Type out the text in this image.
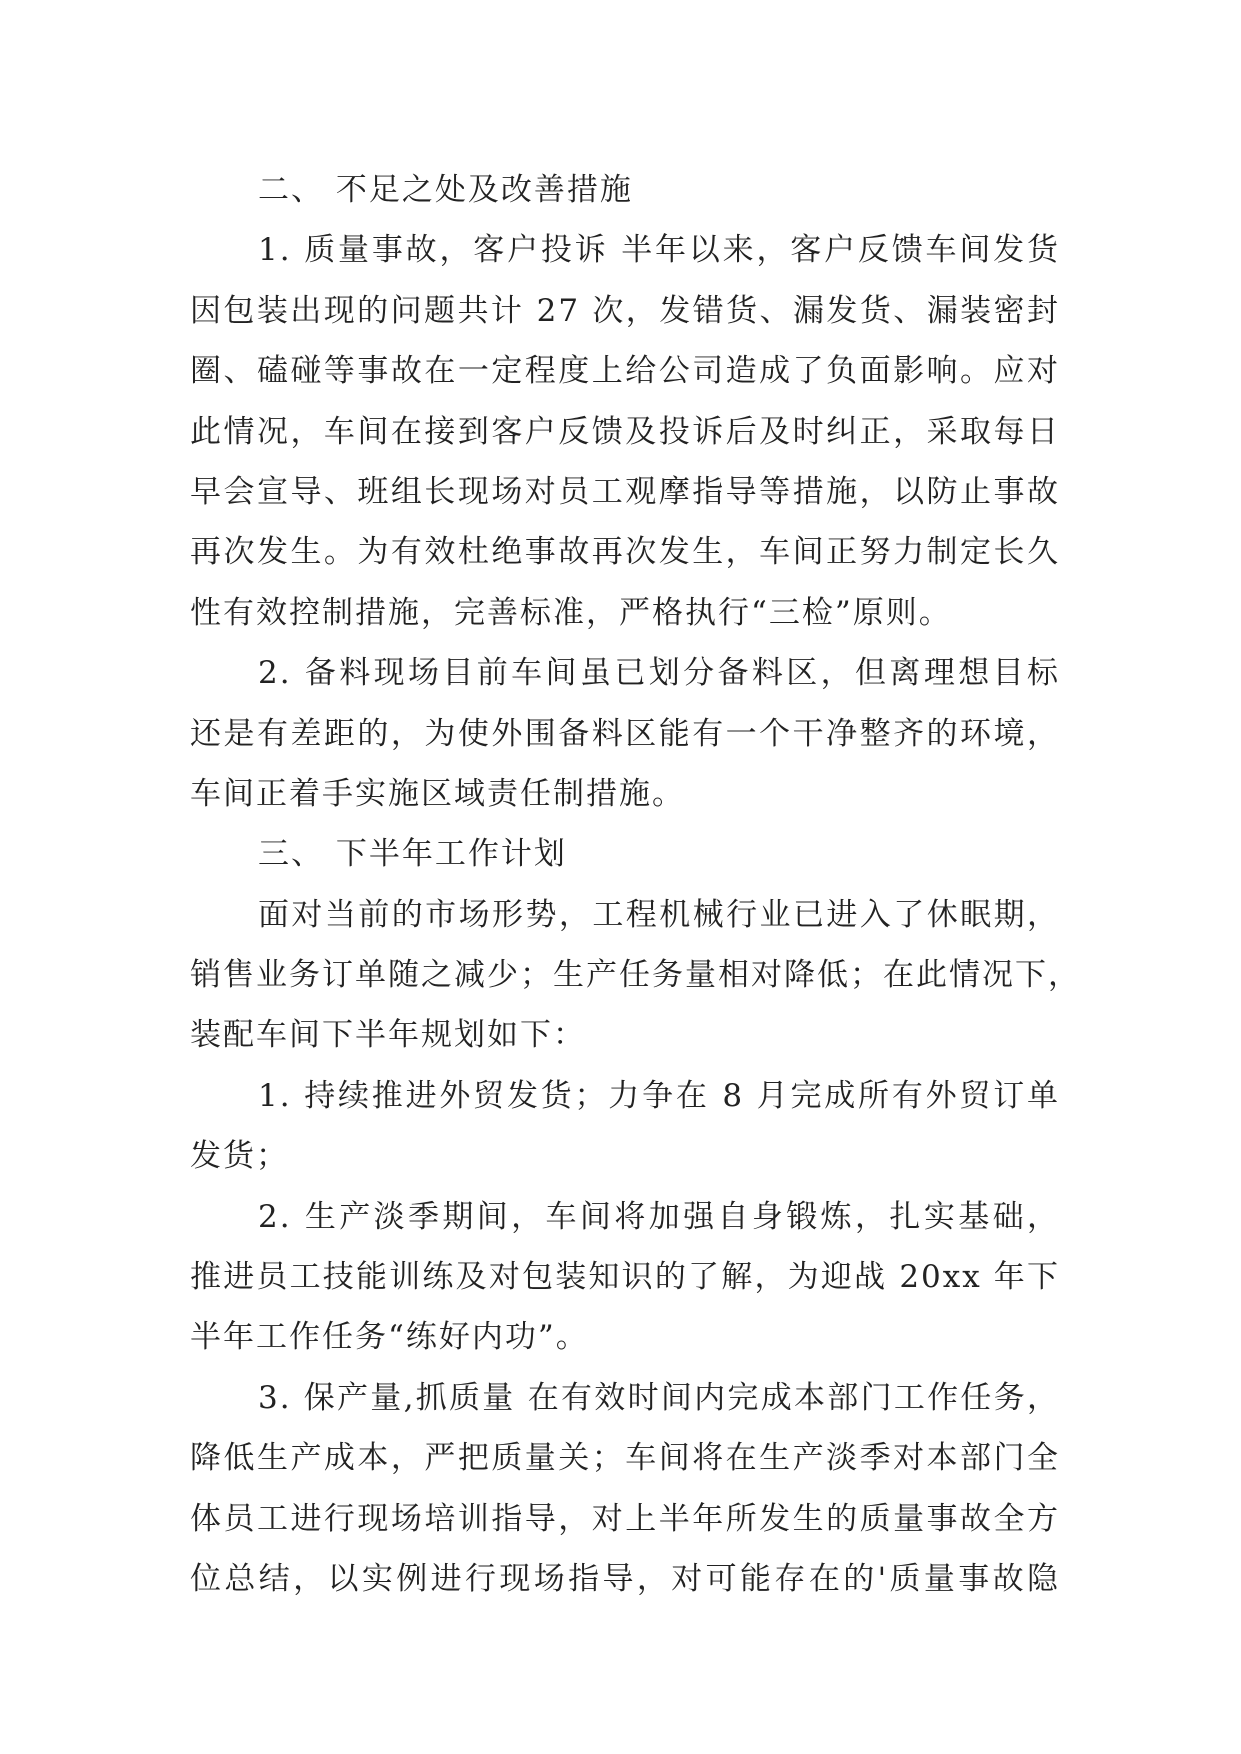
二、 不足之处及改善措施
1. 质量事故，客户投诉 半年以来，客户反馈车间发货
因包装出现的问题共计 27 次，发错货、漏发货、漏装密封
圈、磕碰等事故在一定程度上给公司造成了负面影响。应对
此情况，车间在接到客户反馈及投诉后及时纠正，采取每日
早会宣导、班组长现场对员工观摩指导等措施，以防止事故
再次发生。为有效杜绝事故再次发生，车间正努力制定长久
性有效控制措施，完善标准，严格执行“三检”原则。
2. 备料现场目前车间虽已划分备料区，但离理想目标
还是有差距的，为使外围备料区能有一个干净整齐的环境，
车间正着手实施区域责任制措施。
三、 下半年工作计划
面对当前的市场形势，工程机械行业已进入了休眠期，
销售业务订单随之减少；生产任务量相对降低；在此情况下，
装配车间下半年规划如下：
1. 持续推进外贸发货；力争在 8 月完成所有外贸订单
发货；
2. 生产淡季期间，车间将加强自身锻炼，扎实基础，
推进员工技能训练及对包装知识的了解，为迎战 20xx 年下
半年工作任务“练好内功”。
3. 保产量,抓质量 在有效时间内完成本部门工作任务，
降低生产成本，严把质量关；车间将在生产淡季对本部门全
体员工进行现场培训指导，对上半年所发生的质量事故全方
位总结，以实例进行现场指导，对可能存在的'质量事故隐
